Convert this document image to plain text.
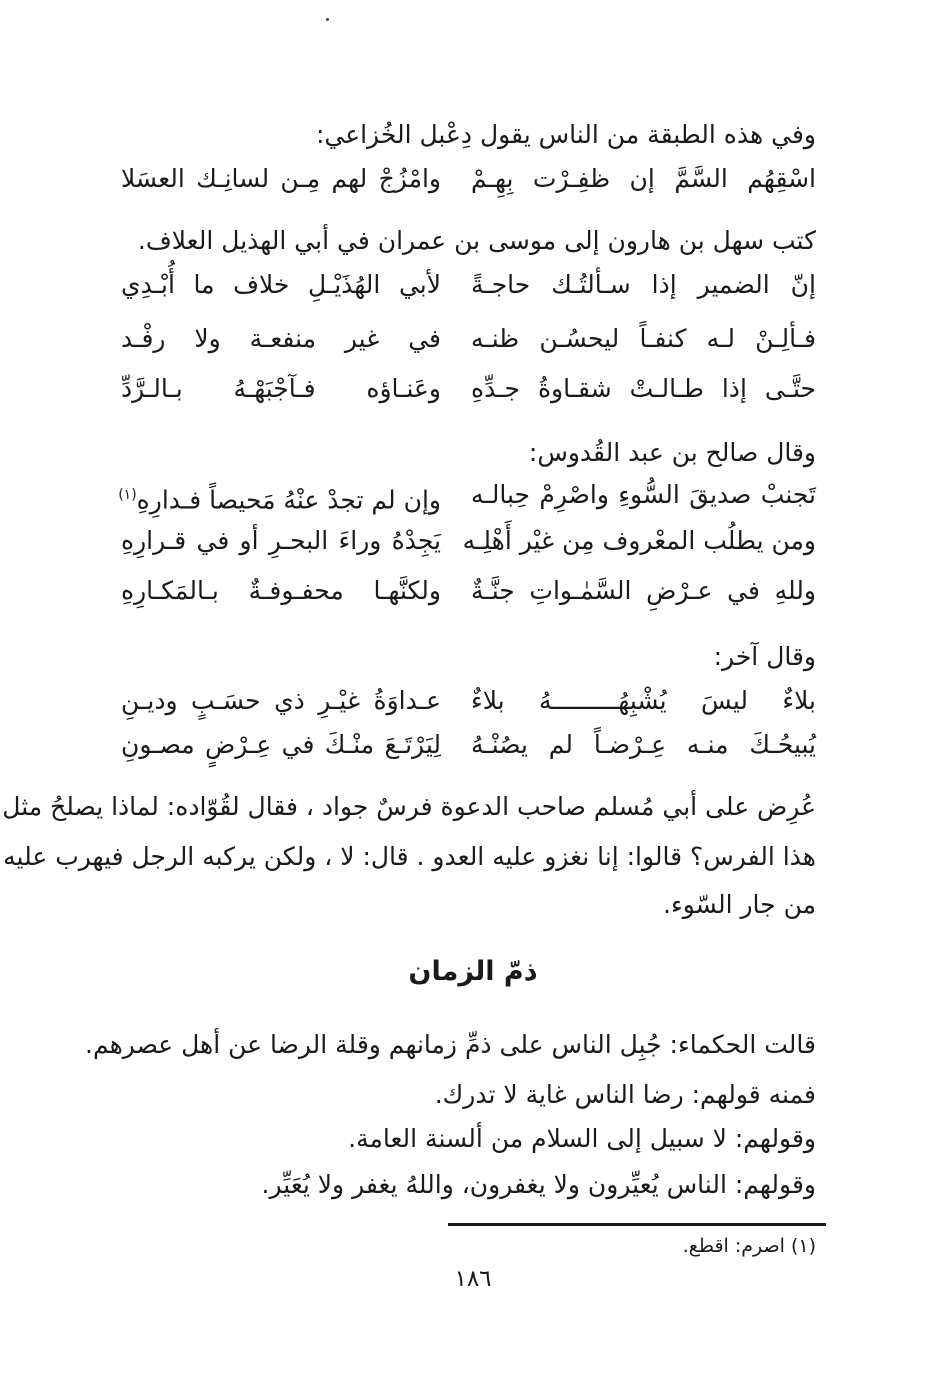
وفي هذه الطبقة من الناس يقول دِعْبل الخُزاعي:
اسْقِهُم السَّمَّ إن ظفِـرْت بِهِـمْ
وامْزُجْ لهم مِـن لسانِـك العسَلا
كتب سهل بن هارون إلى موسى بن عمران في أبي الهذيل العلاف.
إنّ الضمير إذا سـألتُـك حاجـةً
لأبي الهُذَيْـلِ خلاف ما أُبْـدِي
فـألِـنْ لـه كنفـاً ليحسُـن ظنـه
في غير منفعـة ولا رفْـد
حتَّـى إذا طـالـتْ شقـاوةُ جـدِّهِ
وعَنـاؤه فـآجْبَهْـهُ بـالـرَّدِّ
وقال صالح بن عبد القُدوس:
تَجنبْ صديقَ السُّوءِ واصْرِمْ حِبالـه
وإن لم تجدْ عنْهُ مَحيصاً فـدارِهِ$^{(١)}$
ومن يطلُب المعْروف مِن غيْر أَهْلِـه
يَجِدْهُ وراءَ البحـرِ أو في قـرارِهِ
وللهِ في عـرْضِ السَّمٰـواتِ جنَّـةٌ
ولكنَّهـا محفـوفـةٌ بـالمَكـارِهِ
وقال آخر:
بلاءٌ ليسَ يُشْبِهُـــــــــهُ بلاءٌ
عـداوَةُ غيْـرِ ذي حسَـبٍ وديـنِ
يُبيحُـكَ منـه عِـرْضـاً لم يصُنْـهُ
لِيَرْتَـعَ منْـكَ في عِـرْضٍ مصـونِ
عُرِض على أبي مُسلم صاحب الدعوة فرسٌ جواد ، فقال لقُوّاده: لماذا يصلحُ مثل
هذا الفرس؟ قالوا: إنا نغزو عليه العدو . قال: لا ، ولكن يركبه الرجل فيهرب عليه
من جار السّوء.
ذمّ الزمان
قالت الحكماء: جُبِل الناس على ذمِّ زمانهم وقلة الرضا عن أهل عصرهم.
فمنه قولهم: رضا الناس غاية لا تدرك.
وقولهم: لا سبيل إلى السلام من ألسنة العامة.
وقولهم: الناس يُعيِّرون ولا يغفرون، واللهُ يغفر ولا يُعَيِّر.
(١) اصرم: اقطع.
١٨٦
